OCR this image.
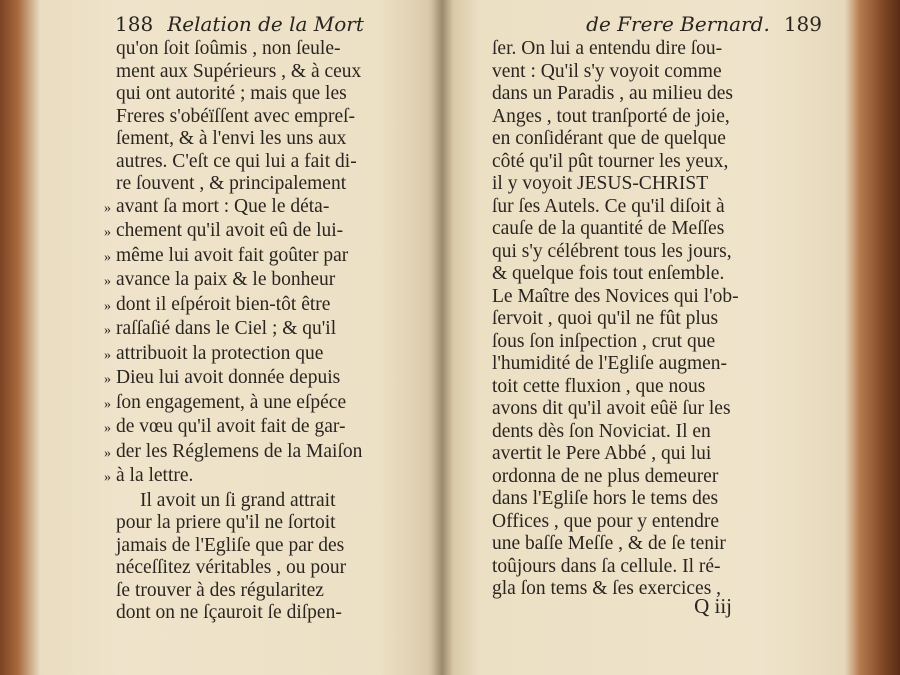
188 Relation de la Mort
qu'on ſoit ſoûmis , non ſeule-
ment aux Supérieurs , & à ceux
qui ont autorité ; mais que les
Freres s'obéïſſent avec empreſ-
ſement, & à l'envi les uns aux
autres. C'eſt ce qui lui a fait di-
re ſouvent , & principalement
» avant ſa mort : Que le déta-
» chement qu'il avoit eû de lui-
» même lui avoit fait goûter par
» avance la paix & le bonheur
» dont il eſpéroit bien-tôt être
» raſſaſié dans le Ciel ; & qu'il
» attribuoit la protection que
» Dieu lui avoit donnée depuis
» ſon engagement, à une eſpéce
» de vœu qu'il avoit fait de gar-
» der les Réglemens de la Maiſon
» à la lettre.
Il avoit un ſi grand attrait
pour la priere qu'il ne ſortoit
jamais de l'Egliſe que par des
néceſſitez véritables , ou pour
ſe trouver à des régularitez
dont on ne ſçauroit ſe diſpen-
de Frere Bernard. 189
ſer. On lui a entendu dire ſou-
vent : Qu'il s'y voyoit comme
dans un Paradis , au milieu des
Anges , tout tranſporté de joie,
en conſidérant que de quelque
côté qu'il pût tourner les yeux,
il y voyoit JESUS-CHRIST
ſur ſes Autels. Ce qu'il diſoit à
cauſe de la quantité de Meſſes
qui s'y célébrent tous les jours,
& quelque fois tout enſemble.
Le Maître des Novices qui l'ob-
ſervoit , quoi qu'il ne fût plus
ſous ſon inſpection , crut que
l'humidité de l'Egliſe augmen-
toit cette fluxion , que nous
avons dit qu'il avoit eûë ſur les
dents dès ſon Noviciat. Il en
avertit le Pere Abbé , qui lui
ordonna de ne plus demeurer
dans l'Egliſe hors le tems des
Offices , que pour y entendre
une baſſe Meſſe , & de ſe tenir
toûjours dans ſa cellule. Il ré-
gla ſon tems & ſes exercices ,
Q iij
